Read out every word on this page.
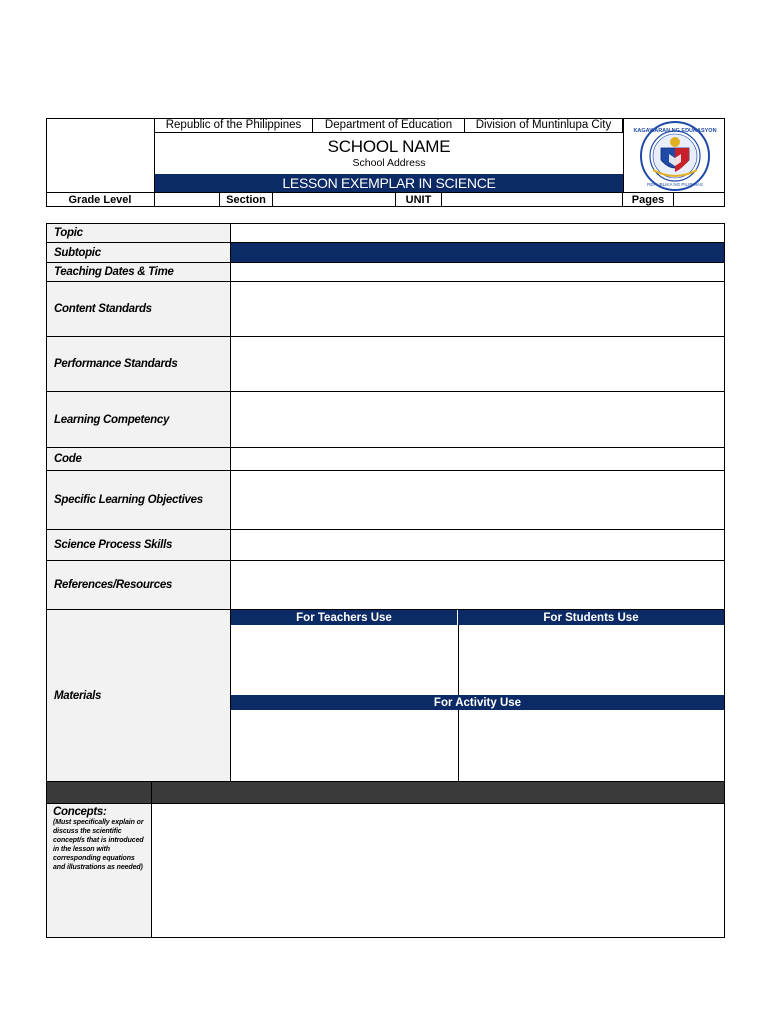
Republic of the Philippines	Department of Education	Division of Muntinlupa City
SCHOOL NAME
School Address
LESSON EXEMPLAR IN SCIENCE
KAGAWARAN NG EDUKASYON
REPUBLIKA NG PILIPINAS
Grade Level	Section	UNIT	Pages
Topic
Subtopic
Teaching Dates & Time
Content Standards
Performance Standards
Learning Competency
Code
Specific Learning Objectives
Science Process Skills
References/Resources
Materials
For Teachers Use	For Students Use
For Activity Use
Concepts:
(Must specifically explain or discuss the scientific concept/s that is introduced in the lesson with corresponding equations and illustrations as needed)
